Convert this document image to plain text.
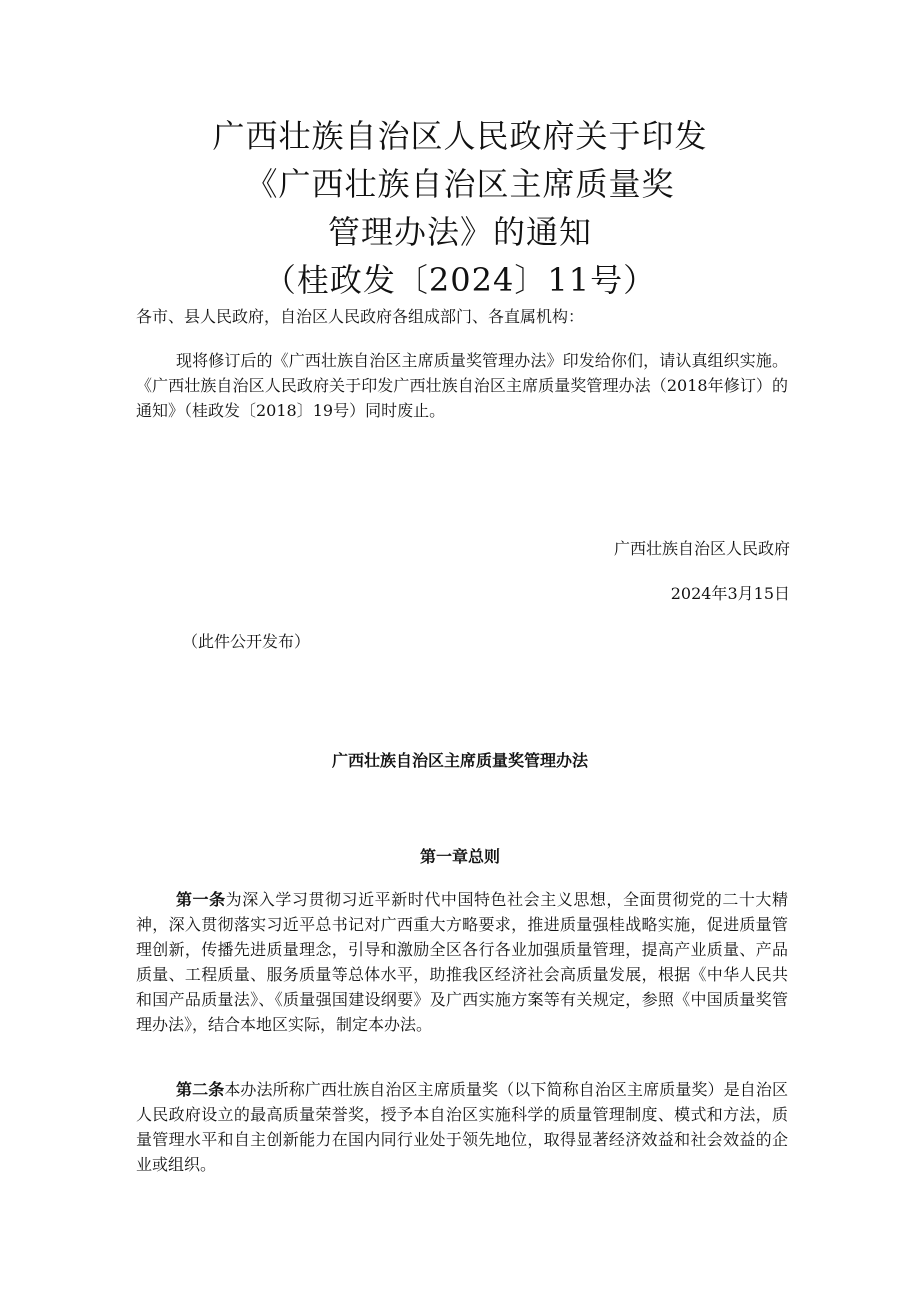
广西壮族自治区人民政府关于印发
《广西壮族自治区主席质量奖
管理办法》的通知
（桂政发〔2024〕11号）
各市、县人民政府，自治区人民政府各组成部门、各直属机构：
现将修订后的《广西壮族自治区主席质量奖管理办法》印发给你们，请认真组织实施。《广西壮族自治区人民政府关于印发广西壮族自治区主席质量奖管理办法（2018年修订）的通知》（桂政发〔2018〕19号）同时废止。
广西壮族自治区人民政府
2024年3月15日
（此件公开发布）
广西壮族自治区主席质量奖管理办法
第一章总则
第一条为深入学习贯彻习近平新时代中国特色社会主义思想，全面贯彻党的二十大精神，深入贯彻落实习近平总书记对广西重大方略要求，推进质量强桂战略实施，促进质量管理创新，传播先进质量理念，引导和激励全区各行各业加强质量管理，提高产业质量、产品质量、工程质量、服务质量等总体水平，助推我区经济社会高质量发展，根据《中华人民共和国产品质量法》、《质量强国建设纲要》及广西实施方案等有关规定，参照《中国质量奖管理办法》，结合本地区实际，制定本办法。
第二条本办法所称广西壮族自治区主席质量奖（以下简称自治区主席质量奖）是自治区人民政府设立的最高质量荣誉奖，授予本自治区实施科学的质量管理制度、模式和方法，质量管理水平和自主创新能力在国内同行业处于领先地位，取得显著经济效益和社会效益的企业或组织。
